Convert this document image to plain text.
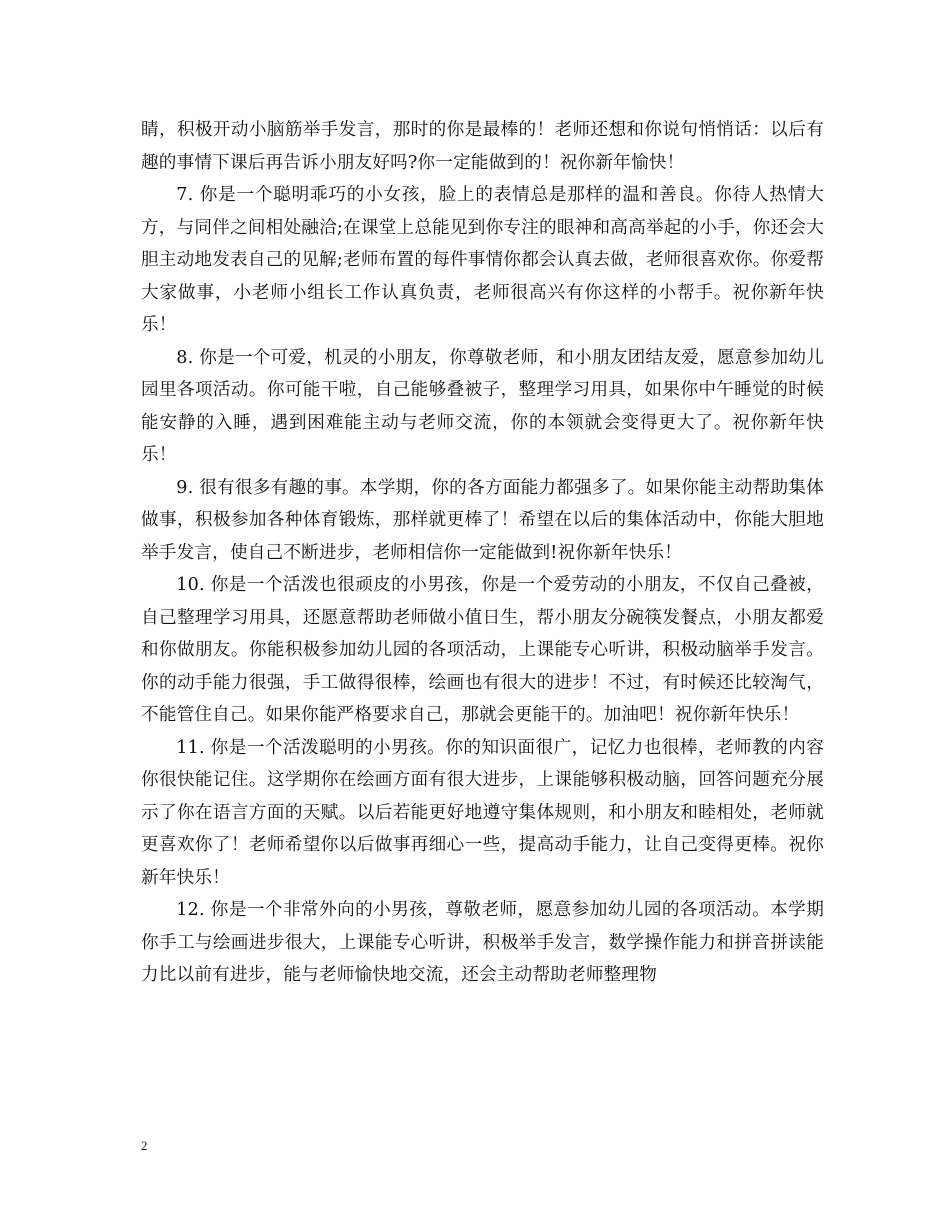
睛，积极开动小脑筋举手发言，那时的你是最棒的！老师还想和你说句悄悄话：以后有趣的事情下课后再告诉小朋友好吗?你一定能做到的！祝你新年愉快！

7. 你是一个聪明乖巧的小女孩，脸上的表情总是那样的温和善良。你待人热情大方，与同伴之间相处融洽;在课堂上总能见到你专注的眼神和高高举起的小手，你还会大胆主动地发表自己的见解;老师布置的每件事情你都会认真去做，老师很喜欢你。你爱帮大家做事，小老师小组长工作认真负责，老师很高兴有你这样的小帮手。祝你新年快乐！

8. 你是一个可爱，机灵的小朋友，你尊敬老师，和小朋友团结友爱，愿意参加幼儿园里各项活动。你可能干啦，自己能够叠被子，整理学习用具，如果你中午睡觉的时候能安静的入睡，遇到困难能主动与老师交流，你的本领就会变得更大了。祝你新年快乐！

9. 很有很多有趣的事。本学期，你的各方面能力都强多了。如果你能主动帮助集体做事，积极参加各种体育锻炼，那样就更棒了！希望在以后的集体活动中，你能大胆地举手发言，使自己不断进步，老师相信你一定能做到!祝你新年快乐！

10. 你是一个活泼也很顽皮的小男孩，你是一个爱劳动的小朋友，不仅自己叠被，自己整理学习用具，还愿意帮助老师做小值日生，帮小朋友分碗筷发餐点，小朋友都爱和你做朋友。你能积极参加幼儿园的各项活动，上课能专心听讲，积极动脑举手发言。你的动手能力很强，手工做得很棒，绘画也有很大的进步！不过，有时候还比较淘气，不能管住自己。如果你能严格要求自己，那就会更能干的。加油吧！祝你新年快乐！

11. 你是一个活泼聪明的小男孩。你的知识面很广，记忆力也很棒，老师教的内容你很快能记住。这学期你在绘画方面有很大进步，上课能够积极动脑，回答问题充分展示了你在语言方面的天赋。以后若能更好地遵守集体规则，和小朋友和睦相处，老师就更喜欢你了！老师希望你以后做事再细心一些，提高动手能力，让自己变得更棒。祝你新年快乐！

12. 你是一个非常外向的小男孩，尊敬老师，愿意参加幼儿园的各项活动。本学期你手工与绘画进步很大，上课能专心听讲，积极举手发言，数学操作能力和拼音拼读能力比以前有进步，能与老师愉快地交流，还会主动帮助老师整理物

2
